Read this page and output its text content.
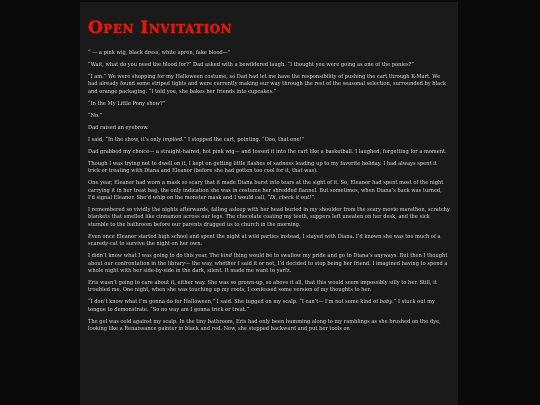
Open Invitation

“ — a pink wig, black dress, white apron, fake blood—”

“Wait, what do you need the blood for?” Dad asked with a bewildered laugh. “I thought you were going as one of the ponies?”

“I am.” We were shopping for my Halloween costume, so Dad had let me have the responsibility of pushing the cart through K-Mart. We had already found some striped tights and were currently making our way through the rest of the seasonal selection, surrounded by black and orange packaging. “I told you, she bakes her friends into cupcakes.”

“In the My Little Pony show?”

“No.”

Dad raised an eyebrow.

I said, “In the show, it’s only implied.” I stopped the cart, pointing. “Ooo, that one!”

Dad grabbed my choice— a straight-haired, hot pink wig— and tossed it into the cart like a basketball. I laughed, forgetting for a moment.

Though I was trying not to dwell on it, I kept on getting little flashes of sadness leading up to my favorite holiday. I had always spent it trick or treating with Diana and Eleanor (before she had gotten too cool for it, that was).

One year, Eleanor had worn a mask so scary that it made Diana burst into tears at the sight of it. So, Eleanor had spent most of the night carrying it in her treat bag, the only indication she was in costume her shredded flannel. But sometimes, when Diana’s back was turned, I’d signal Eleanor. She’d whip on the monster mask and I would call, “Di, check it out!”.

I remembered so vividly the nights afterwards, falling asleep with her head buried in my shoulder from the scary movie marathon, scratchy blankets that smelled like cinnamon across our legs. The chocolate coating my teeth, suppers left uneaten on her desk, and the sick stumble to the bathroom before our parents dragged us to church in the morning.

Even once Eleanor started high school and spent the night at wild parties instead, I stayed with Diana. I’d known she was too much of a scaredy-cat to survive the night on her own.

I didn’t know what I was going to do this year. The kind thing would be to swallow my pride and go to Diana’s anyways. But then I thought about our confrontation in the library— the way, whether I said it or not, I’d decided to stop being her friend. I imagined having to spend a whole night with her side-by-side in the dark, silent. It made me want to yarfz.

Eris wasn’t going to care about it, either way. She was so grown-up, so above it all, that this would seem impossibly silly to her. Still, it troubled me. One night, when she was touching up my roots, I confessed some version of my thoughts to her.

“I don’t know what I’m gonna do for Halloween,” I said. She tugged on my scalp. “I can’t— I’m not some kind of baby.” I stuck out my tongue to demonstrate. “So no way am I gonna trick or treat.”

The gel was cold against my scalp. In the tiny bathroom, Eris had only been humming along to my ramblings as she brushed on the dye, looking like a Renaissance painter in black and red. Now, she stepped backward and put her tools on
